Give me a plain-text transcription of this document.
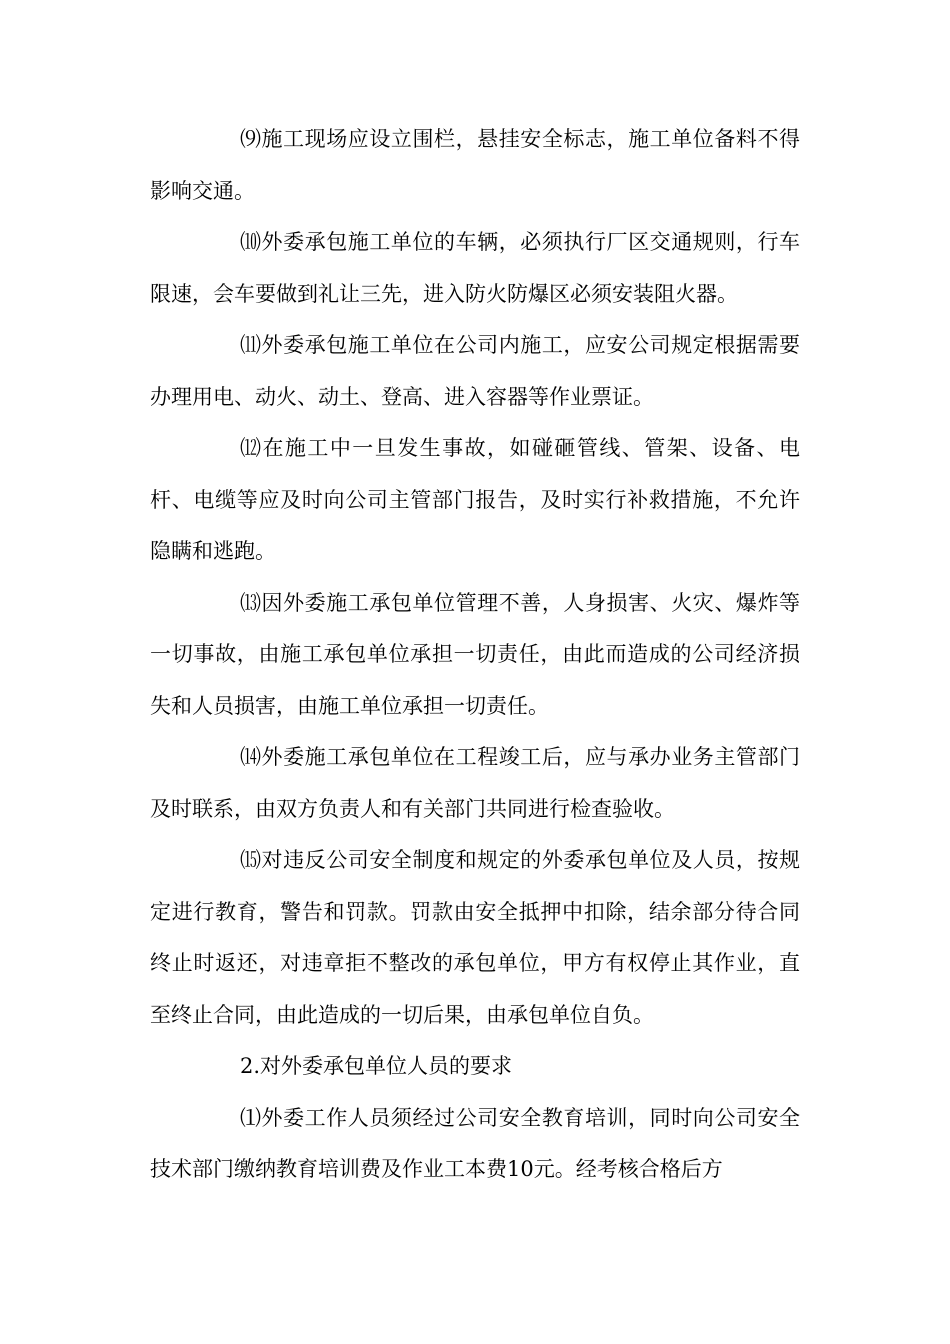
⑼施工现场应设立围栏，悬挂安全标志，施工单位备料不得影响交通。

⑽外委承包施工单位的车辆，必须执行厂区交通规则，行车限速，会车要做到礼让三先，进入防火防爆区必须安装阻火器。

⑾外委承包施工单位在公司内施工，应安公司规定根据需要办理用电、动火、动土、登高、进入容器等作业票证。

⑿在施工中一旦发生事故，如碰砸管线、管架、设备、电杆、电缆等应及时向公司主管部门报告，及时实行补救措施，不允许隐瞒和逃跑。

⒀因外委施工承包单位管理不善，人身损害、火灾、爆炸等一切事故，由施工承包单位承担一切责任，由此而造成的公司经济损失和人员损害，由施工单位承担一切责任。

⒁外委施工承包单位在工程竣工后，应与承办业务主管部门及时联系，由双方负责人和有关部门共同进行检查验收。

⒂对违反公司安全制度和规定的外委承包单位及人员，按规定进行教育，警告和罚款。罚款由安全抵押中扣除，结余部分待合同终止时返还，对违章拒不整改的承包单位，甲方有权停止其作业，直至终止合同，由此造成的一切后果，由承包单位自负。

2.对外委承包单位人员的要求

⑴外委工作人员须经过公司安全教育培训，同时向公司安全技术部门缴纳教育培训费及作业工本费10元。经考核合格后方
